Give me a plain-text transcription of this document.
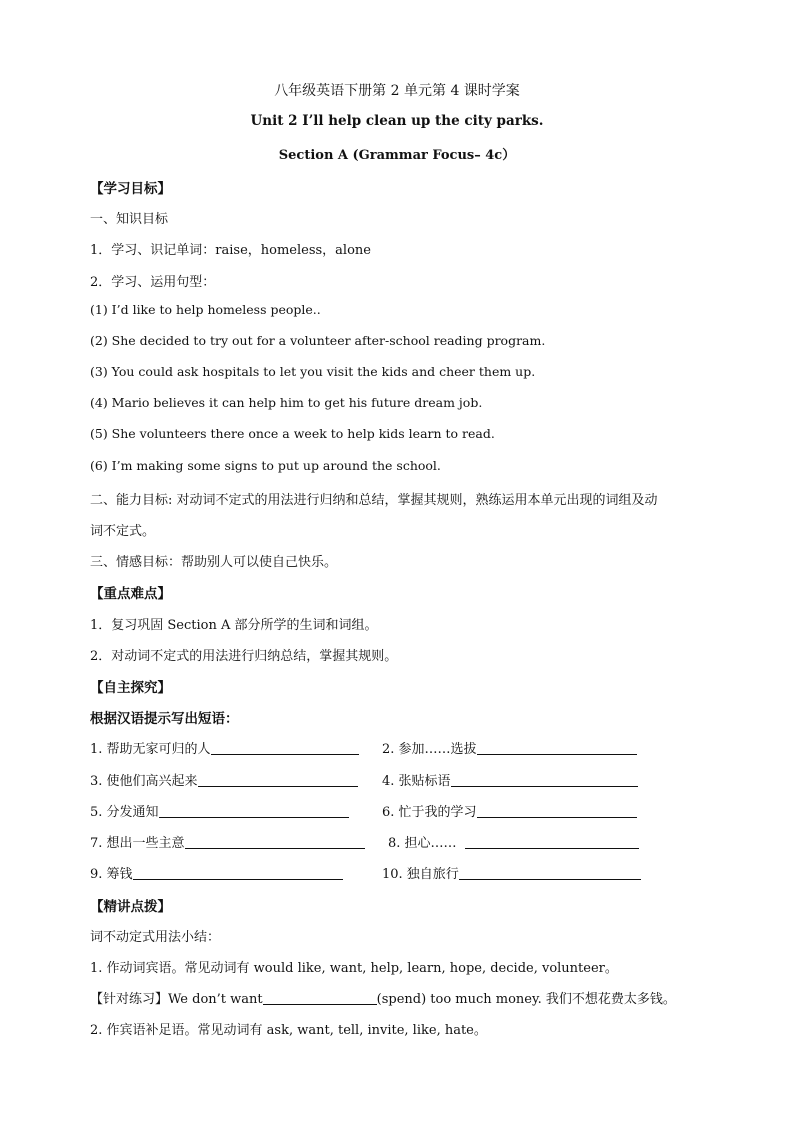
八年级英语下册第 2 单元第 4 课时学案
Unit 2 I’ll help clean up the city parks.
Section A (Grammar Focus– 4c）
【学习目标】
一、知识目标
1．学习、识记单词：raise，homeless，alone
2．学习、运用句型：
(1) I’d like to help homeless people..
(2) She decided to try out for a volunteer after-school reading program.
(3) You could ask hospitals to let you visit the kids and cheer them up.
(4) Mario believes it can help him to get his future dream job.
(5) She volunteers there once a week to help kids learn to read.
(6) I’m making some signs to put up around the school.
二、能力目标: 对动词不定式的用法进行归纳和总结，掌握其规则，熟练运用本单元出现的词组及动
词不定式。
三、情感目标：帮助别人可以使自己快乐。
【重点难点】
1．复习巩固 Section A 部分所学的生词和词组。
2．对动词不定式的用法进行归纳总结，掌握其规则。
【自主探究】
根据汉语提示写出短语：
1. 帮助无家可归的人	2. 参加……选拔
3. 使他们高兴起来	4. 张贴标语
5. 分发通知	6. 忙于我的学习
7. 想出一些主意	8. 担心……
9. 筹钱	10. 独自旅行
【精讲点拨】
词不动定式用法小结：
1. 作动词宾语。常见动词有 would like, want, help, learn, hope, decide, volunteer。
【针对练习】We don’t want	(spend) too much money. 我们不想花费太多钱。
2. 作宾语补足语。常见动词有 ask, want, tell, invite, like, hate。
